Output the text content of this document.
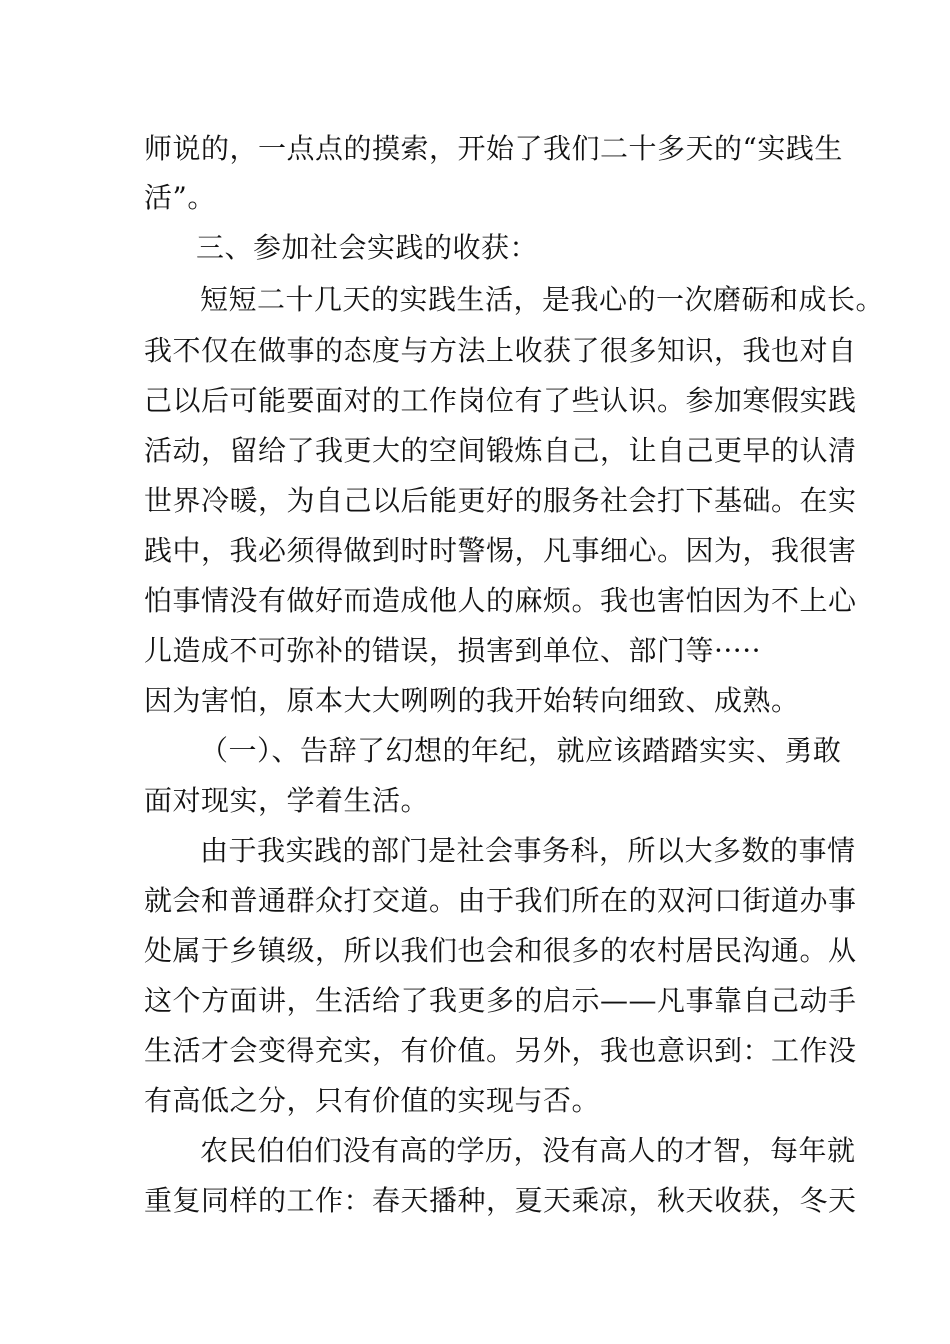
师说的，一点点的摸索，开始了我们二十多天的“实践生
活”。
三、参加社会实践的收获：
短短二十几天的实践生活，是我心的一次磨砺和成长。
我不仅在做事的态度与方法上收获了很多知识，我也对自
己以后可能要面对的工作岗位有了些认识。参加寒假实践
活动，留给了我更大的空间锻炼自己，让自己更早的认清
世界冷暖，为自己以后能更好的服务社会打下基础。在实
践中，我必须得做到时时警惕，凡事细心。因为，我很害
怕事情没有做好而造成他人的麻烦。我也害怕因为不上心
儿造成不可弥补的错误，损害到单位、部门等·····
因为害怕，原本大大咧咧的我开始转向细致、成熟。
（一）、告辞了幻想的年纪，就应该踏踏实实、勇敢
面对现实，学着生活。
由于我实践的部门是社会事务科，所以大多数的事情
就会和普通群众打交道。由于我们所在的双河口街道办事
处属于乡镇级，所以我们也会和很多的农村居民沟通。从
这个方面讲，生活给了我更多的启示——凡事靠自己动手
生活才会变得充实，有价值。另外，我也意识到：工作没
有高低之分，只有价值的实现与否。
农民伯伯们没有高的学历，没有高人的才智，每年就
重复同样的工作：春天播种，夏天乘凉，秋天收获，冬天
